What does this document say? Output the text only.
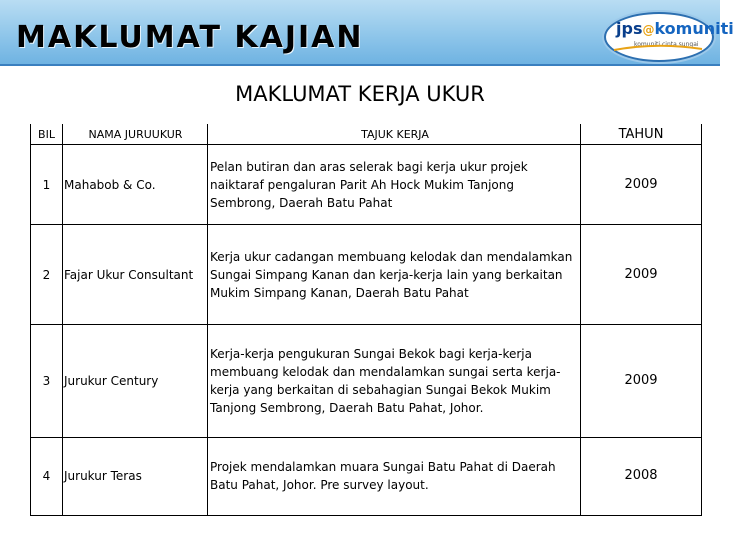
MAKLUMAT KAJIAN	jps@komuniti
komuniti cinta sungai
MAKLUMAT KERJA UKUR
BIL	NAMA JURUUKUR	TAJUK KERJA	TAHUN
1	Mahabob & Co.	Pelan butiran dan aras selerak bagi kerja ukur projek naiktaraf pengaluran Parit Ah Hock Mukim Tanjong Sembrong, Daerah Batu Pahat	2009
2	Fajar Ukur Consultant	Kerja ukur cadangan membuang kelodak dan mendalamkan Sungai Simpang Kanan dan kerja-kerja lain yang berkaitan Mukim Simpang Kanan, Daerah Batu Pahat	2009
3	Jurukur Century	Kerja-kerja pengukuran Sungai Bekok bagi kerja-kerja membuang kelodak dan mendalamkan sungai serta kerja-kerja yang berkaitan di sebahagian Sungai Bekok Mukim Tanjong Sembrong, Daerah Batu Pahat, Johor.	2009
4	Jurukur Teras	Projek mendalamkan muara Sungai Batu Pahat di Daerah Batu Pahat, Johor. Pre survey layout.	2008
